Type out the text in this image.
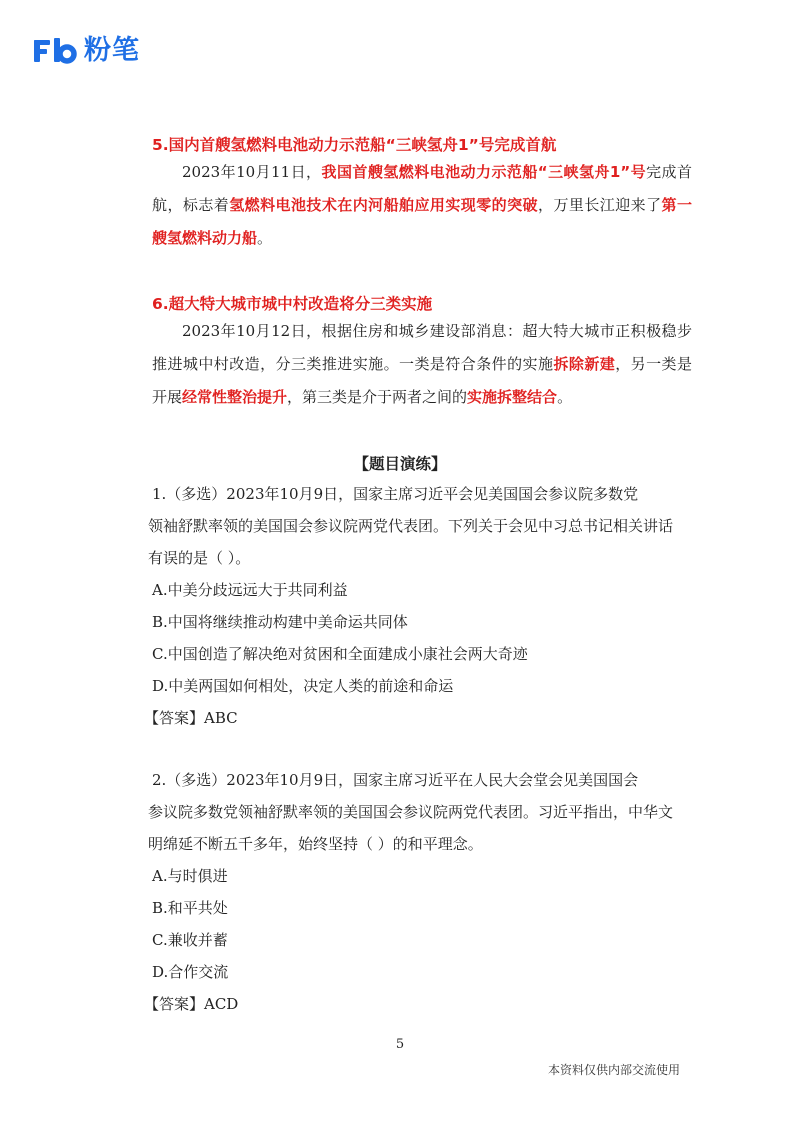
粉笔
5.国内首艘氢燃料电池动力示范船“三峡氢舟1”号完成首航
2023年10月11日，我国首艘氢燃料电池动力示范船“三峡氢舟1”号完成首航，标志着氢燃料电池技术在内河船舶应用实现零的突破，万里长江迎来了第一艘氢燃料动力船。
6.超大特大城市城中村改造将分三类实施
2023年10月12日，根据住房和城乡建设部消息：超大特大城市正积极稳步推进城中村改造，分三类推进实施。一类是符合条件的实施拆除新建，另一类是开展经常性整治提升，第三类是介于两者之间的实施拆整结合。
【题目演练】
1.（多选）2023年10月9日，国家主席习近平会见美国国会参议院多数党
领袖舒默率领的美国国会参议院两党代表团。下列关于会见中习总书记相关讲话
有误的是（ ）。
A.中美分歧远远大于共同利益
B.中国将继续推动构建中美命运共同体
C.中国创造了解决绝对贫困和全面建成小康社会两大奇迹
D.中美两国如何相处，决定人类的前途和命运
【答案】ABC
2.（多选）2023年10月9日，国家主席习近平在人民大会堂会见美国国会
参议院多数党领袖舒默率领的美国国会参议院两党代表团。习近平指出，中华文
明绵延不断五千多年，始终坚持（ ）的和平理念。
A.与时俱进
B.和平共处
C.兼收并蓄
D.合作交流
【答案】ACD
5
本资料仅供内部交流使用
